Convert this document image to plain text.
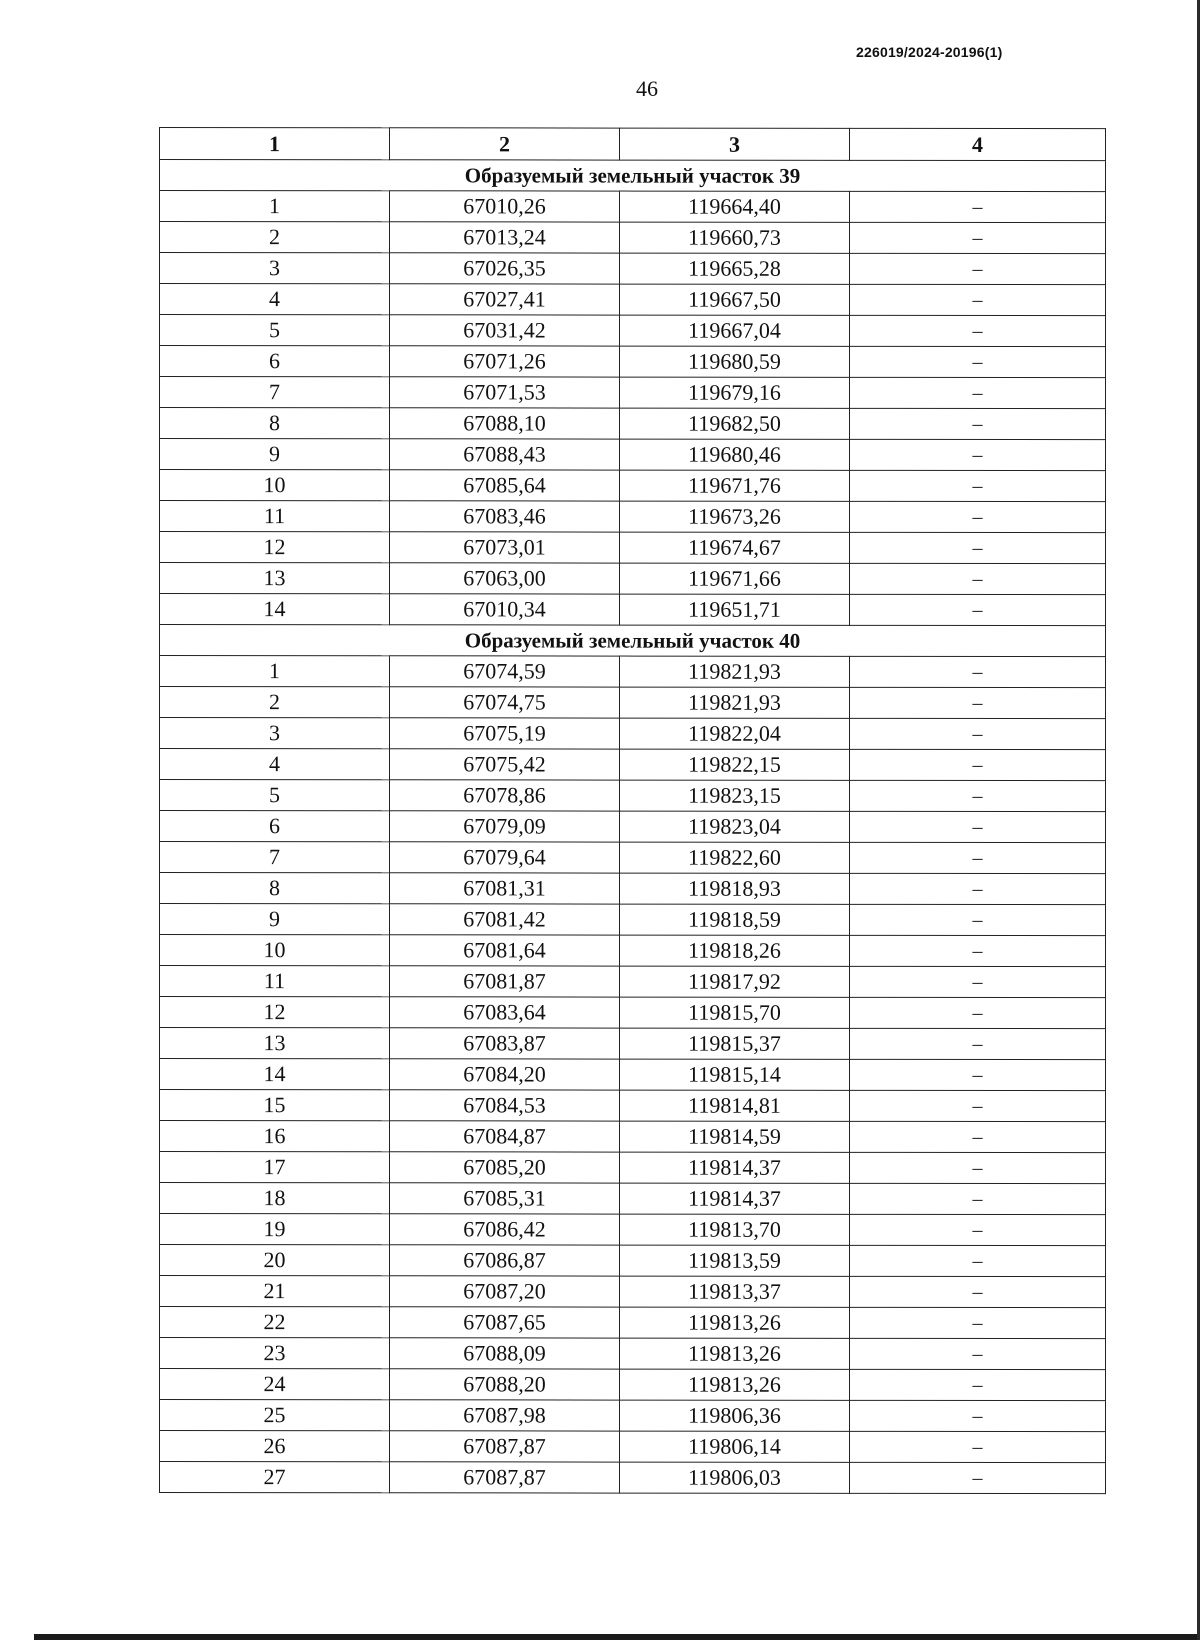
226019/2024-20196(1)
46
1	2	3	4
Образуемый земельный участок 39			
1	67010,26	119664,40	–
2	67013,24	119660,73	–
3	67026,35	119665,28	–
4	67027,41	119667,50	–
5	67031,42	119667,04	–
6	67071,26	119680,59	–
7	67071,53	119679,16	–
8	67088,10	119682,50	–
9	67088,43	119680,46	–
10	67085,64	119671,76	–
11	67083,46	119673,26	–
12	67073,01	119674,67	–
13	67063,00	119671,66	–
14	67010,34	119651,71	–
Образуемый земельный участок 40			
1	67074,59	119821,93	–
2	67074,75	119821,93	–
3	67075,19	119822,04	–
4	67075,42	119822,15	–
5	67078,86	119823,15	–
6	67079,09	119823,04	–
7	67079,64	119822,60	–
8	67081,31	119818,93	–
9	67081,42	119818,59	–
10	67081,64	119818,26	–
11	67081,87	119817,92	–
12	67083,64	119815,70	–
13	67083,87	119815,37	–
14	67084,20	119815,14	–
15	67084,53	119814,81	–
16	67084,87	119814,59	–
17	67085,20	119814,37	–
18	67085,31	119814,37	–
19	67086,42	119813,70	–
20	67086,87	119813,59	–
21	67087,20	119813,37	–
22	67087,65	119813,26	–
23	67088,09	119813,26	–
24	67088,20	119813,26	–
25	67087,98	119806,36	–
26	67087,87	119806,14	–
27	67087,87	119806,03	–
